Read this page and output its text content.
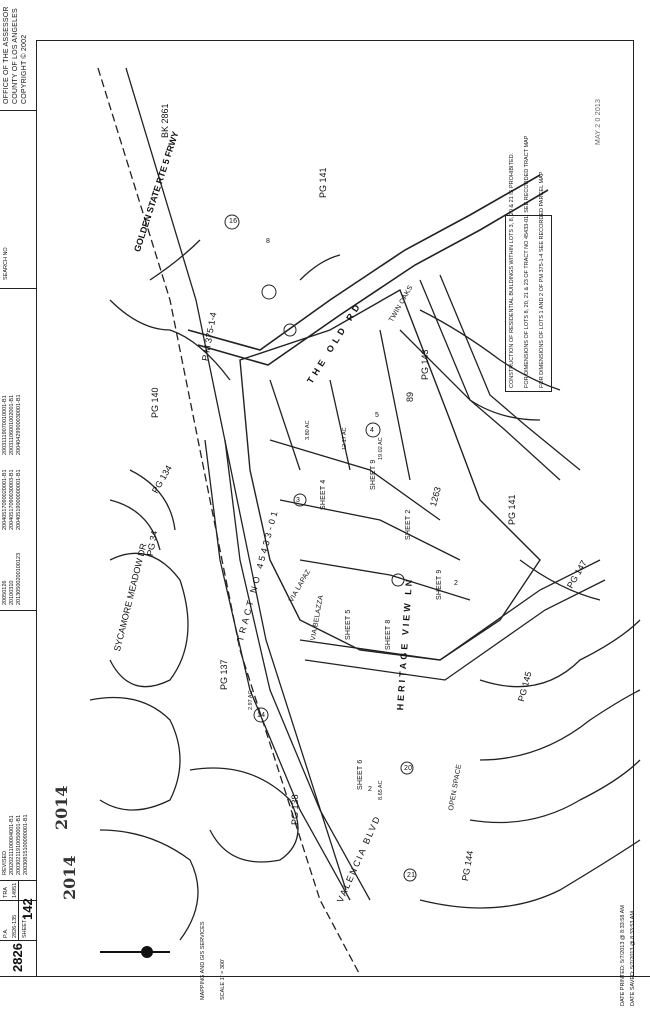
OFFICE OF THE ASSESSOR COUNTY OF LOS ANGELES COPYRIGHT © 2002
SEARCH NO
20050126 20100310 20130500200100123
20040517090020001-B1 20040517090030003-B1 20040519000000001-B1
20031119070010001-B1 20031106001002001-B1 20040429900030001-B1
REVISED 20020211100004001-B1 20030211910050001-B1 20030815100090001-B1
TRA 14951
P.A. 2826-135
142
SHEET 1
2826
BK 2861
GOLDEN STATE RTE 5 FRWY
THE OLD RD	TWIN OAKS
P M 375-1-4
TRACT NO 45433-01
VALENCIA BLVD
SYCAMORE MEADOW DR	HERITAGE VIEW LN
VIA BELAZZA
VIA LAPAZ
OPEN SPACE
PG 141
PG 140
PG 134
PG 34
PG 137
PG 138
PG 143
PG 141
PG 147
PG 145
PG 144
SHEET 9
SHEET 2
SHEET 4
SHEET 5
SHEET 6
SHEET 8
SHEET 9
14
2
3
4
5
16
8
20
21
89
1263
2
19.02 AC
12.17 AC
3.80 AC
2.97 AC
8.65 AC
CONSTRUCTION OF RESIDENTIAL BUILDINGS WITHIN LOTS 3, 8, 20 & 21 IS PROHIBITED. FOR DIMENSIONS OF LOTS 8, 20, 21 & 23 OF TRACT NO 45433-01, SEE RECORDED TRACT MAP FOR DIMENSIONS OF LOTS 1 AND 2 OF PM 375-1-4 SEE RECORDED PARCEL MAP
2014
2014
MAY 2 0 2013
MAPPING AND GIS SERVICES	SCALE 1" = 300'	DATE PRINTED: 5/7/2013 @ 8:33:58 AM DATE SAVED: 5/7/2013 @ 8:33:53 AM
